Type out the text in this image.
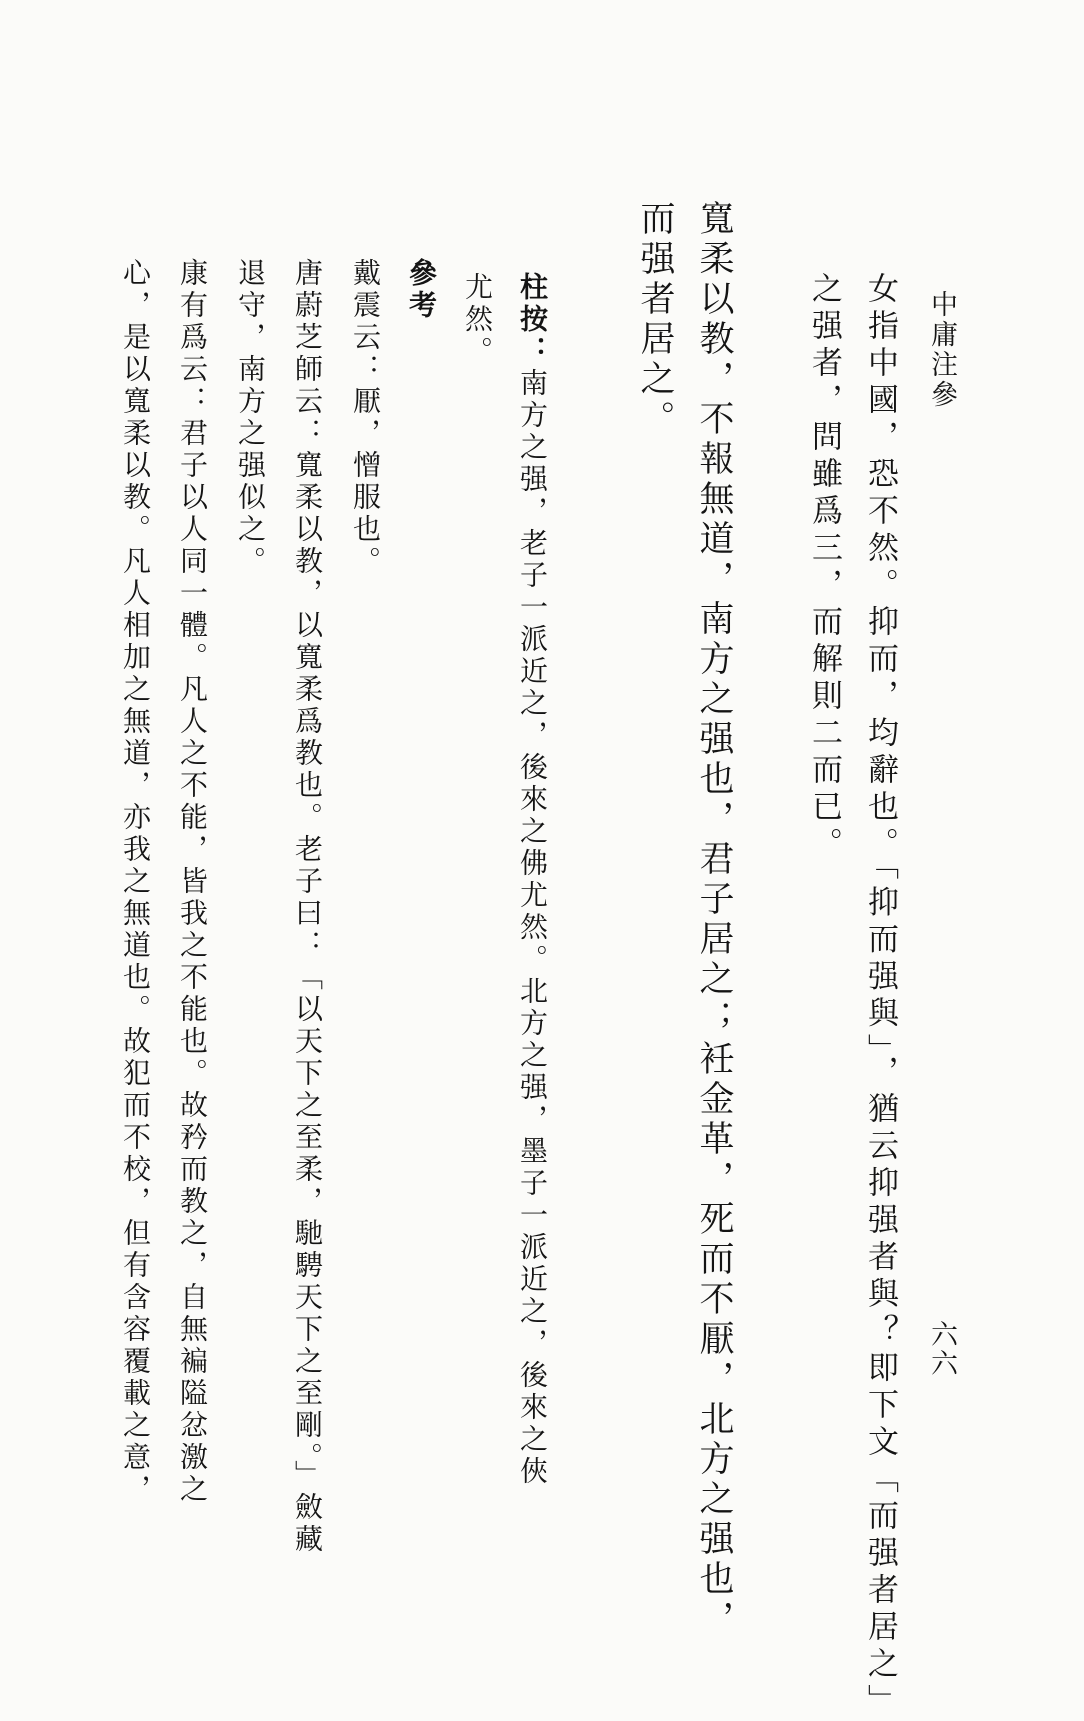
中庸注參
六六
女指中國，恐不然。抑而，均辭也。「抑而强與」，猶云抑强者與？即下文「而强者居之」
之强者，問雖爲三，而解則二而已。
寬柔以教，不報無道，南方之强也，君子居之；衽金革，死而不厭，北方之强也，
而强者居之。
柱按：南方之强，老子一派近之，後來之佛尤然。北方之强，墨子一派近之，後來之俠
尤然。
參考
戴震云：厭，憎服也。
唐蔚芝師云：寬柔以教，以寬柔爲教也。老子曰：「以天下之至柔，馳騁天下之至剛。」斂藏
退守，南方之强似之。
康有爲云：君子以人同一體。凡人之不能，皆我之不能也。故矜而教之，自無褊隘忿激之
心，是以寬柔以教。凡人相加之無道，亦我之無道也。故犯而不校，但有含容覆載之意，
